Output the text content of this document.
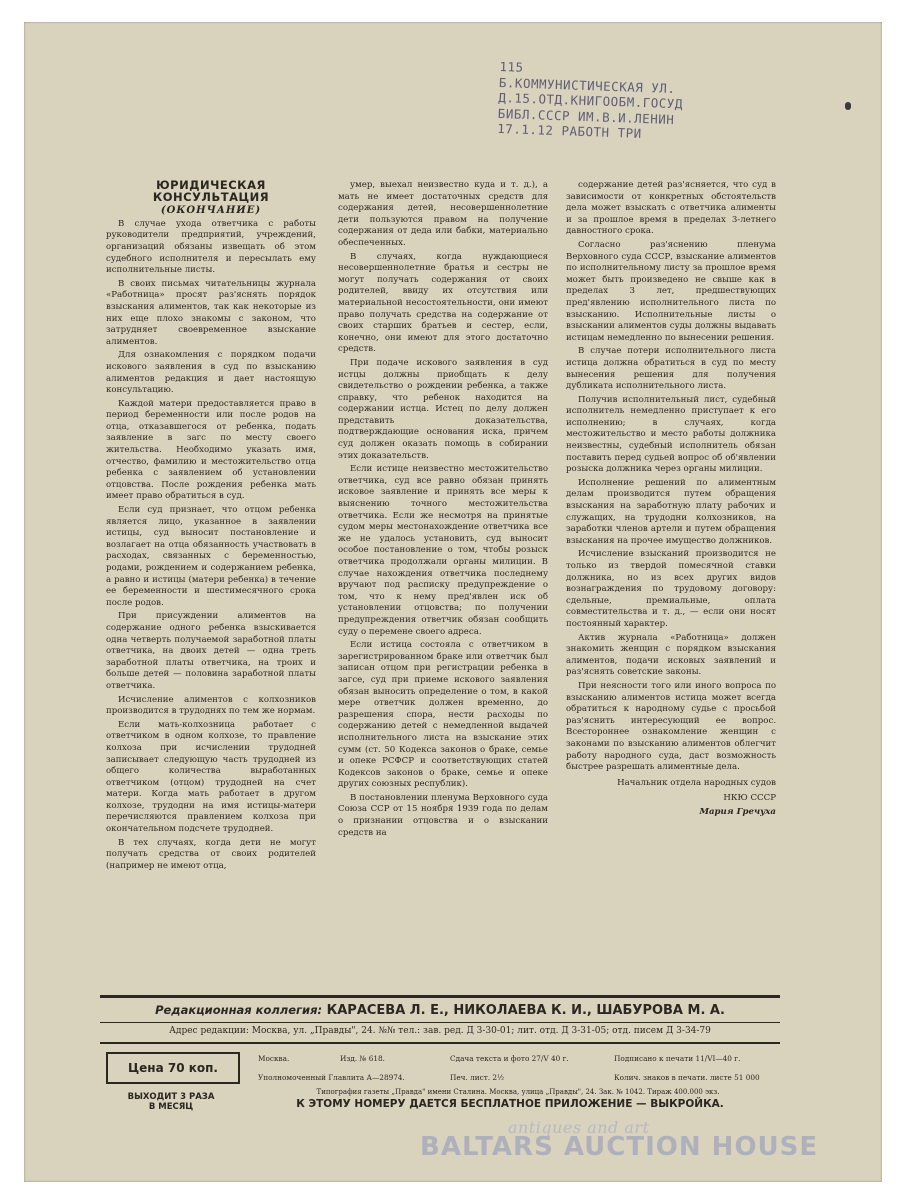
115
Б.КОММУНИСТИЧЕСКАЯ УЛ.
Д.15.ОТД.КНИГООБМ.ГОСУД
БИБЛ.СССР ИМ.В.И.ЛЕНИН
17.1.12 РАБОТН ТРИ

ЮРИДИЧЕСКАЯ КОНСУЛЬТАЦИЯ

(ОКОНЧАНИЕ)

В случае ухода ответчика с работы руководители предприятий, учреждений, организаций обязаны извещать об этом судебного исполнителя и пересылать ему исполнительные листы.

В своих письмах читательницы журнала «Работница» просят раз'яснять порядок взыскания алиментов, так как некоторые из них еще плохо знакомы с законом, что затрудняет своевременное взыскание алиментов.

Для ознакомления с порядком подачи искового заявления в суд по взысканию алиментов редакция и дает настоящую консультацию.

Каждой матери предоставляется право в период беременности или после родов на отца, отказавшегося от ребенка, подать заявление в загс по месту своего жительства. Необходимо указать имя, отчество, фамилию и местожительство отца ребенка с заявлением об установлении отцовства. После рождения ребенка мать имеет право обратиться в суд.

Если суд признает, что отцом ребенка является лицо, указанное в заявлении истицы, суд выносит постановление и возлагает на отца обязанность участвовать в расходах, связанных с беременностью, родами, рождением и содержанием ребенка, а равно и истицы (матери ребенка) в течение ее беременности и шестимесячного срока после родов.

При присуждении алиментов на содержание одного ребенка взыскивается одна четверть получаемой заработной платы ответчика, на двоих детей — одна треть заработной платы ответчика, на троих и больше детей — половина заработной платы ответчика.

Исчисление алиментов с колхозников производится в трудоднях по тем же нормам.

Если мать-колхозница работает с ответчиком в одном колхозе, то правление колхоза при исчислении трудодней записывает следующую часть трудодней из общего количества выработанных ответчиком (отцом) трудодней на счет матери. Когда мать работает в другом колхозе, трудодни на имя истицы-матери перечисляются правлением колхоза при окончательном подсчете трудодней.

В тех случаях, когда дети не могут получать средства от своих родителей (например не имеют отца,

умер, выехал неизвестно куда и т. д.), а мать не имеет достаточных средств для содержания детей, несовершеннолетние дети пользуются правом на получение содержания от деда или бабки, материально обеспеченных.

В случаях, когда нуждающиеся несовершеннолетние братья и сестры не могут получать содержания от своих родителей, ввиду их отсутствия или материальной несостоятельности, они имеют право получать средства на содержание от своих старших братьев и сестер, если, конечно, они имеют для этого достаточно средств.

При подаче искового заявления в суд истцы должны приобщать к делу свидетельство о рождении ребенка, а также справку, что ребенок находится на содержании истца. Истец по делу должен представить доказательства, подтверждающие основания иска, причем суд должен оказать помощь в собирании этих доказательств.

Если истице неизвестно местожительство ответчика, суд все равно обязан принять исковое заявление и принять все меры к выяснению точного местожительства ответчика. Если же несмотря на принятые судом меры местонахождение ответчика все же не удалось установить, суд выносит особое постановление о том, чтобы розыск ответчика продолжали органы милиции. В случае нахождения ответчика последнему вручают под расписку предупреждение о том, что к нему пред'явлен иск об установлении отцовства; по получении предупреждения ответчик обязан сообщить суду о перемене своего адреса.

Если истица состояла с ответчиком в зарегистрированном браке или ответчик был записан отцом при регистрации ребенка в загсе, суд при приеме искового заявления обязан выносить определение о том, в какой мере ответчик должен временно, до разрешения спора, нести расходы по содержанию детей с немедленной выдачей исполнительного листа на взыскание этих сумм (ст. 50 Кодекса законов о браке, семье и опеке РСФСР и соответствующих статей Кодексов законов о браке, семье и опеке других союзных республик).

В постановлении пленума Верховного суда Союза ССР от 15 ноября 1939 года по делам о признании отцовства и о взыскании средств на

содержание детей раз'ясняется, что суд в зависимости от конкретных обстоятельств дела может взыскать с ответчика алименты и за прошлое время в пределах 3-летнего давностного срока.

Согласно раз'яснению пленума Верховного суда СССР, взыскание алиментов по исполнительному листу за прошлое время может быть произведено не свыше как в пределах 3 лет, предшествующих пред'явлению исполнительного листа по взысканию. Исполнительные листы о взыскании алиментов суды должны выдавать истицам немедленно по вынесении решения.

В случае потери исполнительного листа истица должна обратиться в суд по месту вынесения решения для получения дубликата исполнительного листа.

Получив исполнительный лист, судебный исполнитель немедленно приступает к его исполнению; в случаях, когда местожительство и место работы должника неизвестны, судебный исполнитель обязан поставить перед судьей вопрос об об'явлении розыска должника через органы милиции.

Исполнение решений по алиментным делам производится путем обращения взыскания на заработную плату рабочих и служащих, на трудодни колхозников, на заработки членов артели и путем обращения взыскания на прочее имущество должников.

Исчисление взысканий производится не только из твердой помесячной ставки должника, но из всех других видов вознаграждения по трудовому договору: сдельные, премиальные, оплата совместительства и т. д., — если они носят постоянный характер.

Актив журнала «Работница» должен знакомить женщин с порядком взыскания алиментов, подачи исковых заявлений и раз'яснять советские законы.

При неясности того или иного вопроса по взысканию алиментов истица может всегда обратиться к народному судье с просьбой раз'яснить интересующий ее вопрос. Всестороннее ознакомление женщин с законами по взысканию алиментов облегчит работу народного суда, даст возможность быстрее разрешать алиментные дела.

Начальник отдела народных судов

НКЮ СССР

Мария Гречуха

Редакционная коллегия: КАРАСЕВА Л. Е., НИКОЛАЕВА К. И., ШАБУРОВА М. А.
Адрес редакции: Москва, ул. „Правды", 24. №№ тел.: зав. ред. Д 3-30-01; лит. отд. Д 3-31-05; отд. писем Д 3-34-79
Цена 70 коп.
ВЫХОДИТ 3 РАЗА
В МЕСЯЦ
Москва.	Изд. № 618.	Сдача текста и фото 27/V 40 г.	Подписано к печати 11/VI—40 г.
Уполномоченный Главлита А—28974.	Печ. лист. 2½	Колич. знаков в печати. листе 51 000
Типография газеты „Правда" имени Сталина. Москва, улица „Правды", 24. Зак. № 1042. Тираж 400.000 экз.
К ЭТОМУ НОМЕРУ ДАЕТСЯ БЕСПЛАТНОЕ ПРИЛОЖЕНИЕ — ВЫКРОЙКА.
antiques and art
BALTARS AUCTION HOUSE
